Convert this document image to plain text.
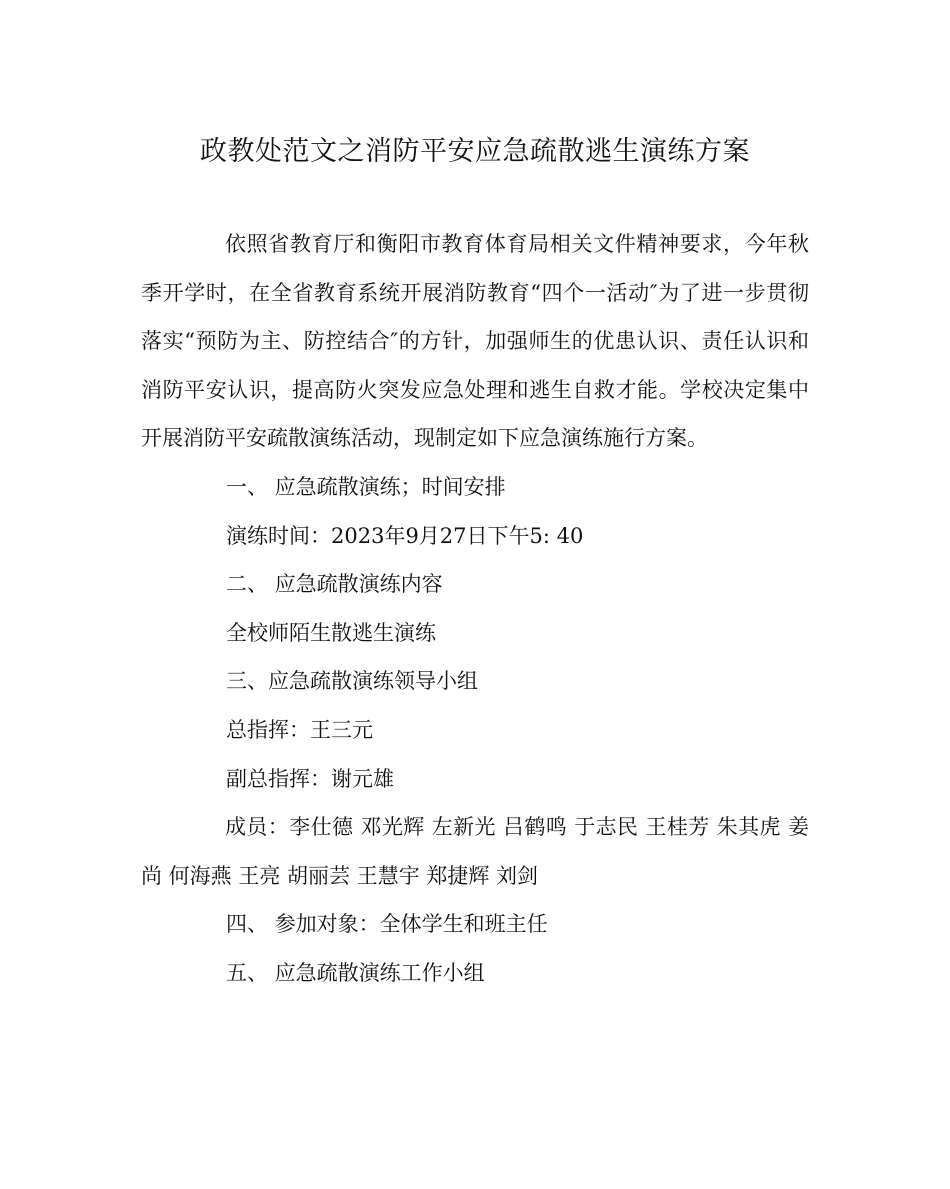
政教处范文之消防平安应急疏散逃生演练方案

依照省教育厅和衡阳市教育体育局相关文件精神要求，今年秋季开学时，在全省教育系统开展消防教育“四个一活动″为了进一步贯彻落实“预防为主、防控结合″的方针，加强师生的优患认识、责任认识和消防平安认识，提高防火突发应急处理和逃生自救才能。学校决定集中开展消防平安疏散演练活动，现制定如下应急演练施行方案。

一、 应急疏散演练；时间安排

演练时间：2023年9月27日下午5: 40

二、 应急疏散演练内容

全校师陌生散逃生演练

三、应急疏散演练领导小组

总指挥：王三元

副总指挥：谢元雄

成员：李仕德 邓光辉 左新光 吕鹤鸣 于志民 王桂芳 朱其虎 姜尚 何海燕 王亮 胡丽芸 王慧宇 郑捷辉 刘剑

四、 参加对象：全体学生和班主任

五、 应急疏散演练工作小组
